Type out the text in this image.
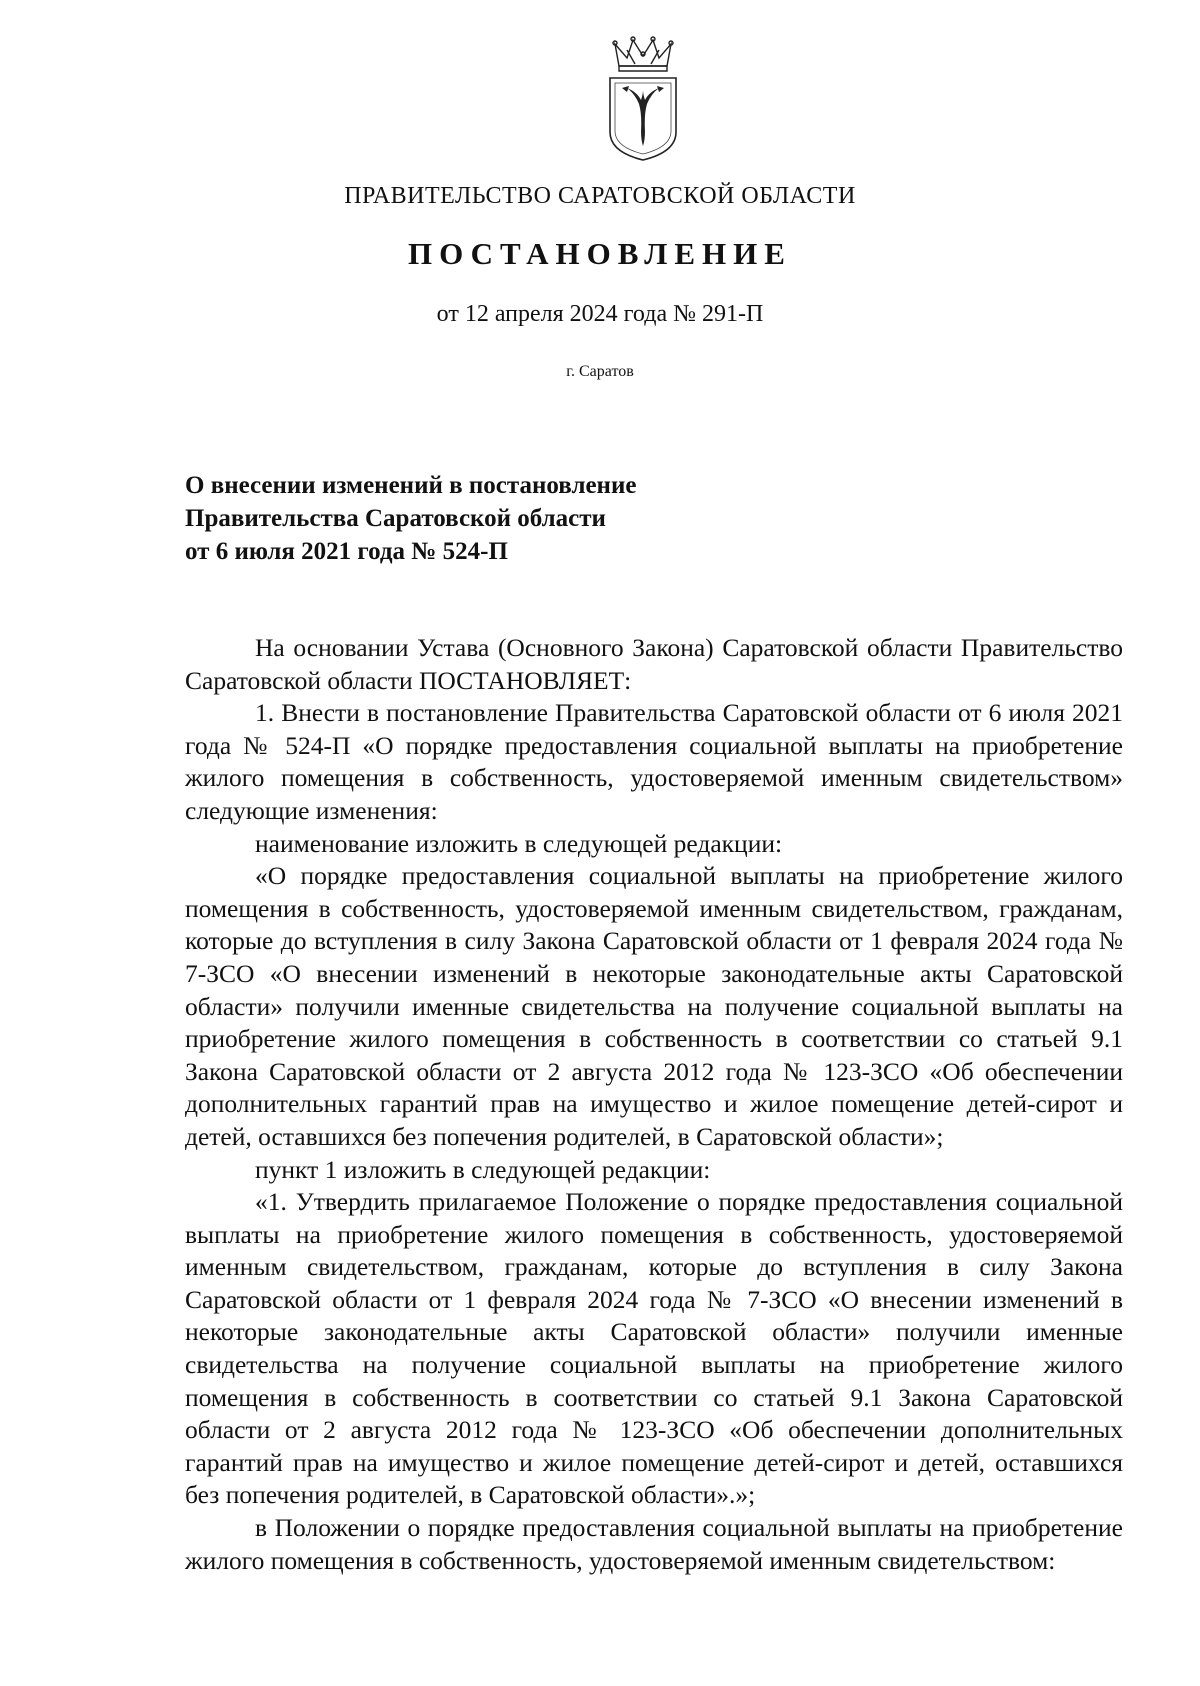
ПРАВИТЕЛЬСТВО САРАТОВСКОЙ ОБЛАСТИ
ПОСТАНОВЛЕНИЕ
от 12 апреля 2024 года № 291-П
г. Саратов
О внесении изменений в постановление
Правительства Саратовской области
от 6 июля 2021 года № 524-П

На основании Устава (Основного Закона) Саратовской области Правительство Саратовской области ПОСТАНОВЛЯЕТ:

1. Внести в постановление Правительства Саратовской области от 6 июля 2021 года № 524-П «О порядке предоставления социальной выплаты на приобретение жилого помещения в собственность, удостоверяемой именным свидетельством» следующие изменения:

наименование изложить в следующей редакции:

«О порядке предоставления социальной выплаты на приобретение жилого помещения в собственность, удостоверяемой именным свидетельством, гражданам, которые до вступления в силу Закона Саратовской области от 1 февраля 2024 года № 7-ЗСО «О внесении изменений в некоторые законодательные акты Саратовской области» получили именные свидетельства на получение социальной выплаты на приобретение жилого помещения в собственность в соответствии со статьей 9.1 Закона Саратовской области от 2 августа 2012 года № 123-ЗСО «Об обеспечении дополнительных гарантий прав на имущество и жилое помещение детей-сирот и детей, оставшихся без попечения родителей, в Саратовской области»;

пункт 1 изложить в следующей редакции:

«1. Утвердить прилагаемое Положение о порядке предоставления социальной выплаты на приобретение жилого помещения в собственность, удостоверяемой именным свидетельством, гражданам, которые до вступления в силу Закона Саратовской области от 1 февраля 2024 года № 7-ЗСО «О внесении изменений в некоторые законодательные акты Саратовской области» получили именные свидетельства на получение социальной выплаты на приобретение жилого помещения в собственность в соответствии со статьей 9.1 Закона Саратовской области от 2 августа 2012 года № 123-ЗСО «Об обеспечении дополнительных гарантий прав на имущество и жилое помещение детей-сирот и детей, оставшихся без попечения родителей, в Саратовской области».»;

в Положении о порядке предоставления социальной выплаты на приобретение жилого помещения в собственность, удостоверяемой именным свидетельством:
